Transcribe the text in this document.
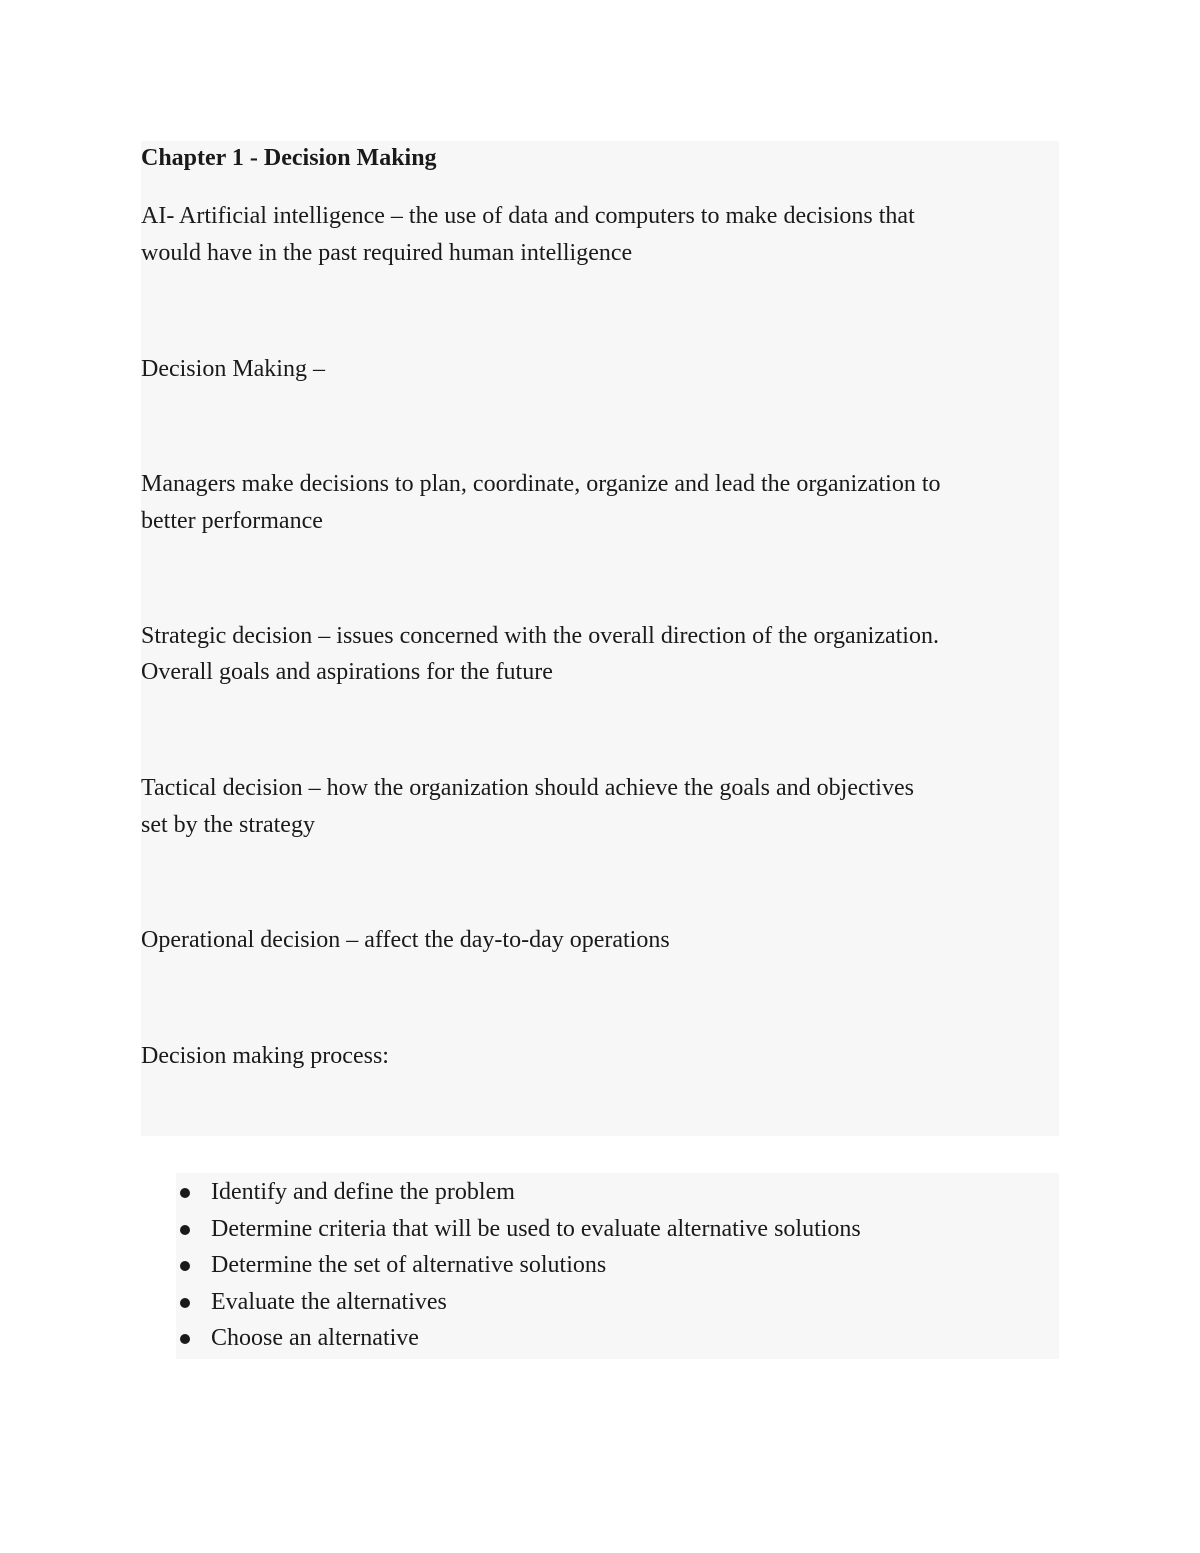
Chapter 1 - Decision Making

AI- Artificial intelligence – the use of data and computers to make decisions that

would have in the past required human intelligence

Decision Making –

Managers make decisions to plan, coordinate, organize and lead the organization to

better performance

Strategic decision – issues concerned with the overall direction of the organization.

Overall goals and aspirations for the future

Tactical decision – how the organization should achieve the goals and objectives

set by the strategy

Operational decision – affect the day-to-day operations

Decision making process:

Identify and define the problem
Determine criteria that will be used to evaluate alternative solutions
Determine the set of alternative solutions
Evaluate the alternatives
Choose an alternative
